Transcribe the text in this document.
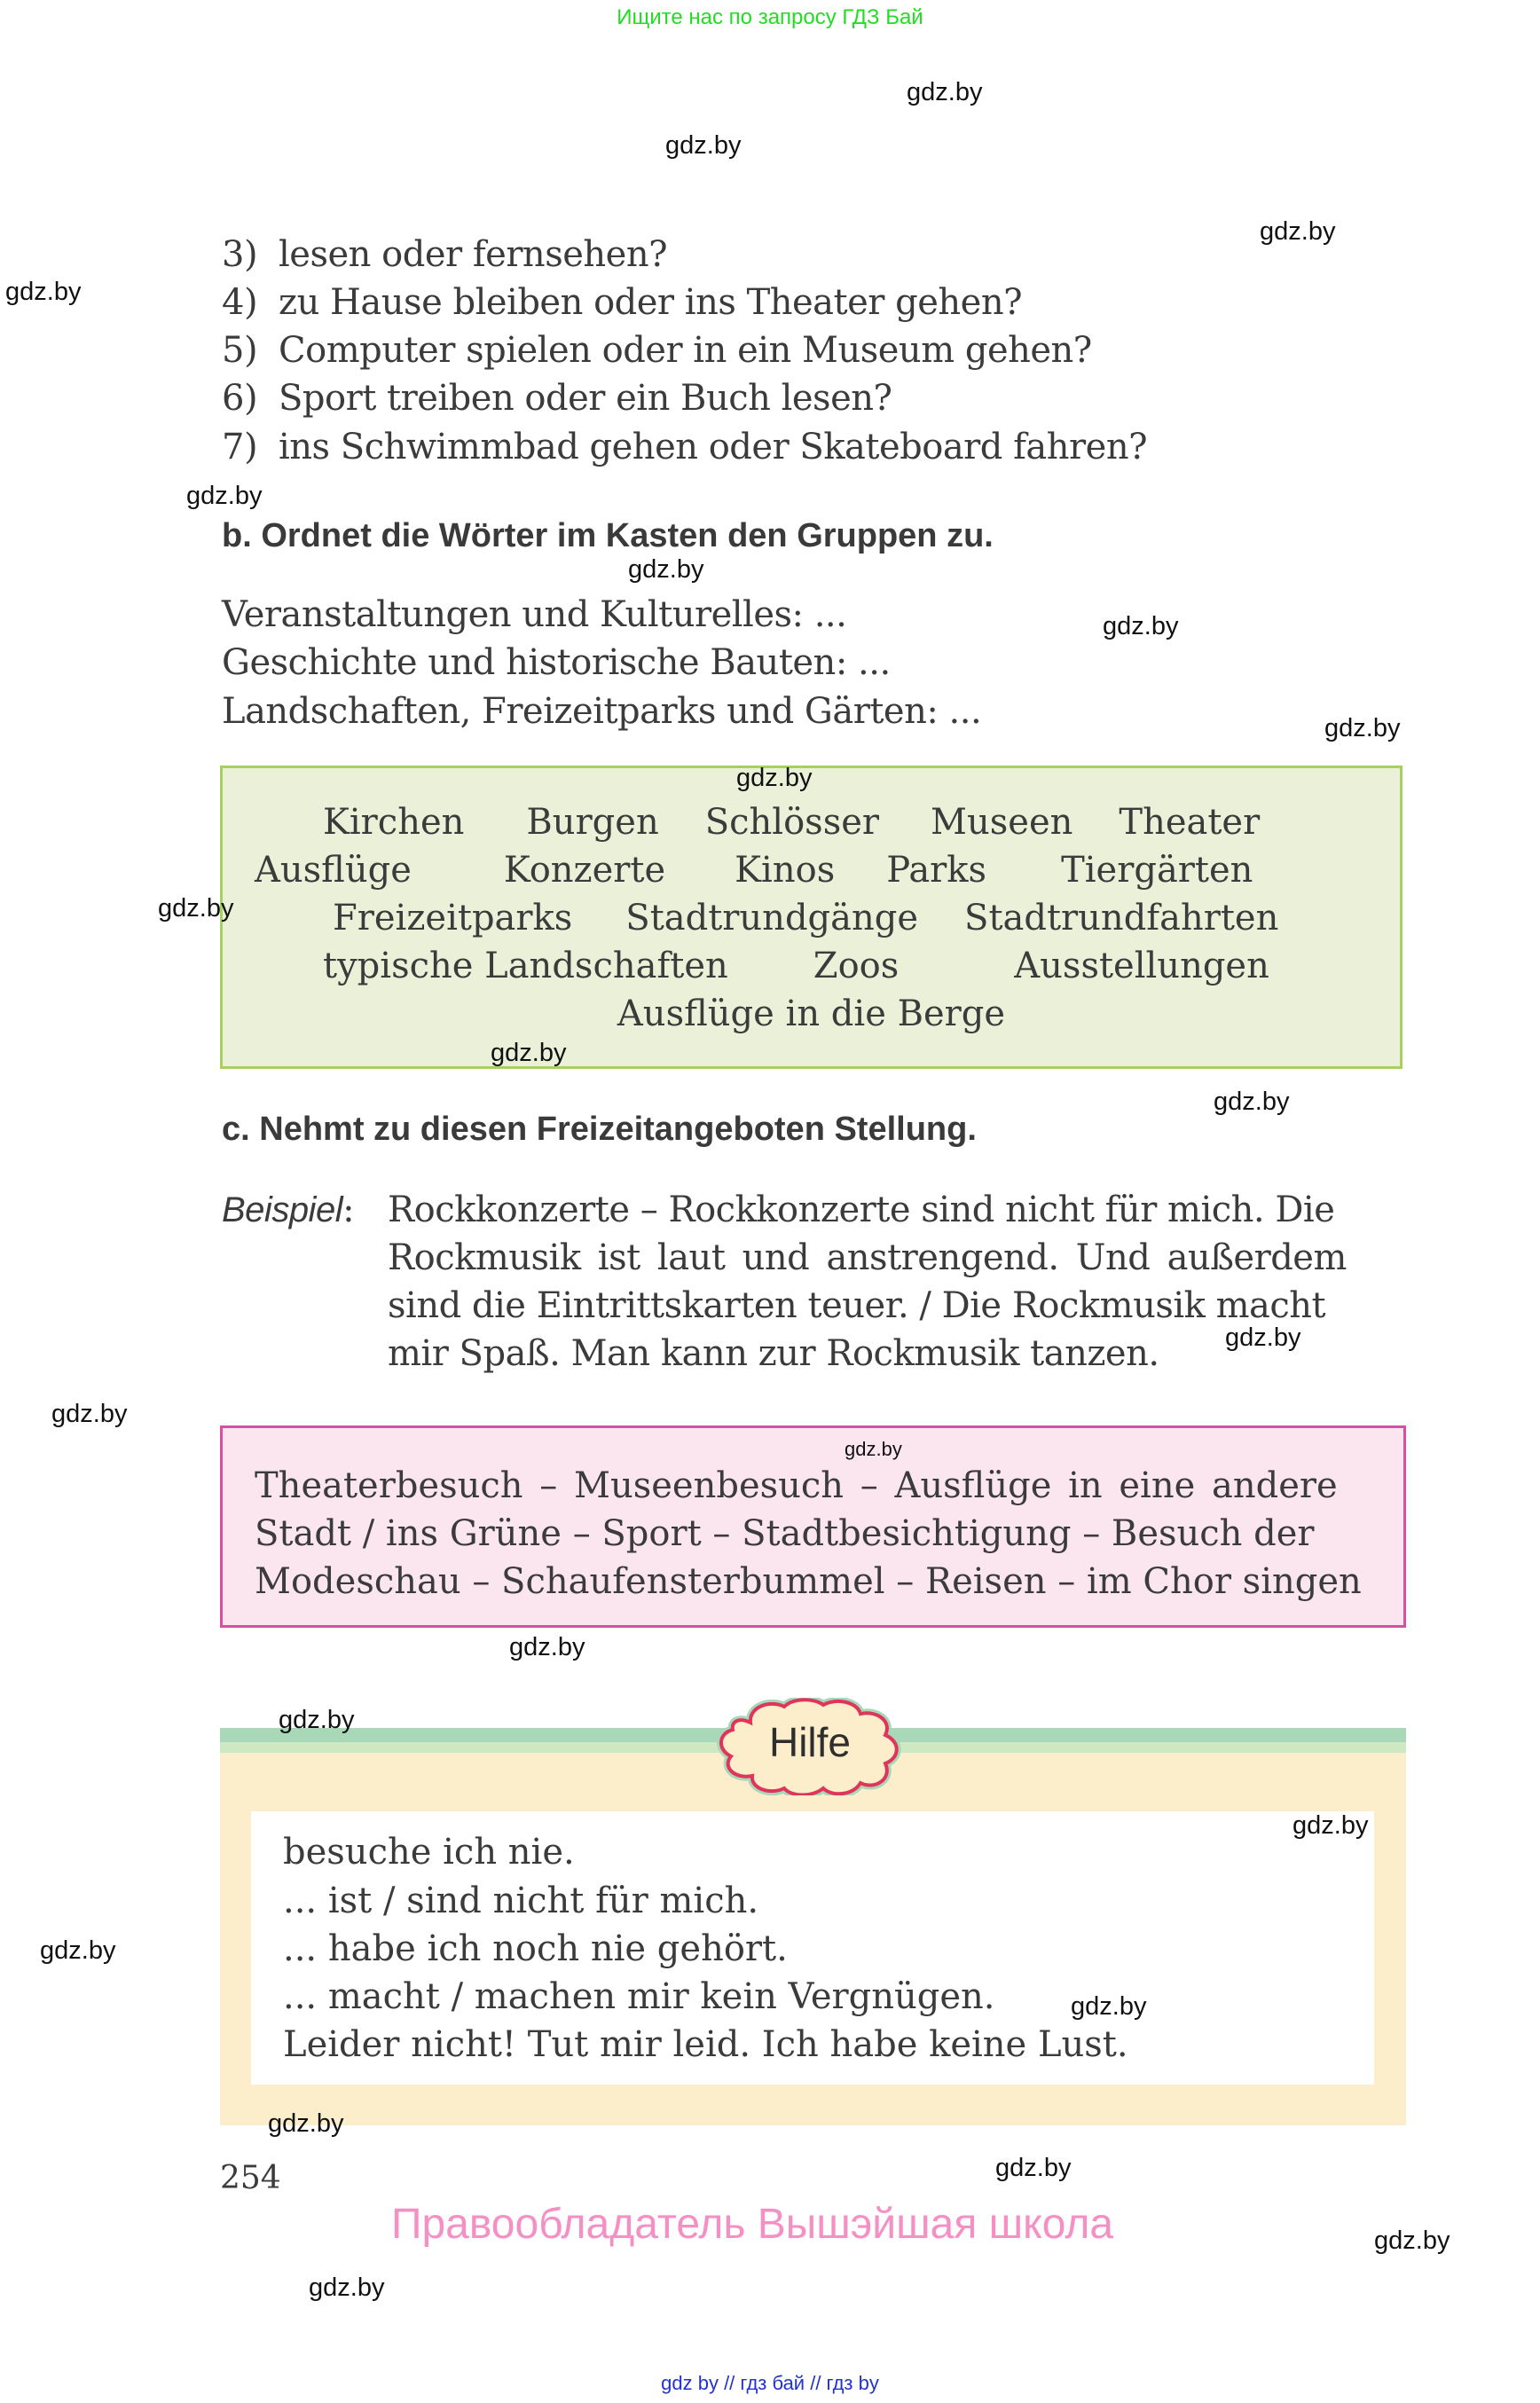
Ищите нас по запросу ГДЗ Бай
3) lesen oder fernsehen?
4) zu Hause bleiben oder ins Theater gehen?
5) Computer spielen oder in ein Museum gehen?
6) Sport treiben oder ein Buch lesen?
7) ins Schwimmbad gehen oder Skateboard fahren?
b. Ordnet die Wörter im Kasten den Gruppen zu.
Veranstaltungen und Kulturelles: ...
Geschichte und historische Bauten: ...
Landschaften, Freizeitparks und Gärten: ...
Kirchen Burgen Schlösser Museen Theater
Ausflüge	Konzerte Kinos Parks Tiergärten
Freizeitparks Stadtrundgänge Stadtrundfahrten
typische Landschaften Zoos	Ausstellungen
Ausflüge in die Berge
c. Nehmt zu diesen Freizeitangeboten Stellung.
Beispiel: Rockkonzerte – Rockkonzerte sind nicht für mich. Die
Rockmusik ist laut und anstrengend. Und außerdem
sind die Eintrittskarten teuer. / Die Rockmusik macht
mir Spaß. Man kann zur Rockmusik tanzen.
Theaterbesuch – Museenbesuch – Ausflüge in eine andere
Stadt / ins Grüne – Sport – Stadtbesichtigung – Besuch der
Modeschau – Schaufensterbummel – Reisen – im Chor singen
besuche ich nie.
... ist / sind nicht für mich.
... habe ich noch nie gehört.
... macht / machen mir kein Vergnügen.
Leider nicht! Tut mir leid. Ich habe keine Lust.
Hilfe
254
Правообладатель Вышэйшая школа
gdz by // гдз бай // гдз by
gdz.by
gdz.by
gdz.by
gdz.by
gdz.by
gdz.by
gdz.by
gdz.by
gdz.by
gdz.by
gdz.by
gdz.by
gdz.by
gdz.by
gdz.by
gdz.by
gdz.by
gdz.by
gdz.by
gdz.by
gdz.by
gdz.by
gdz.by
gdz.by
